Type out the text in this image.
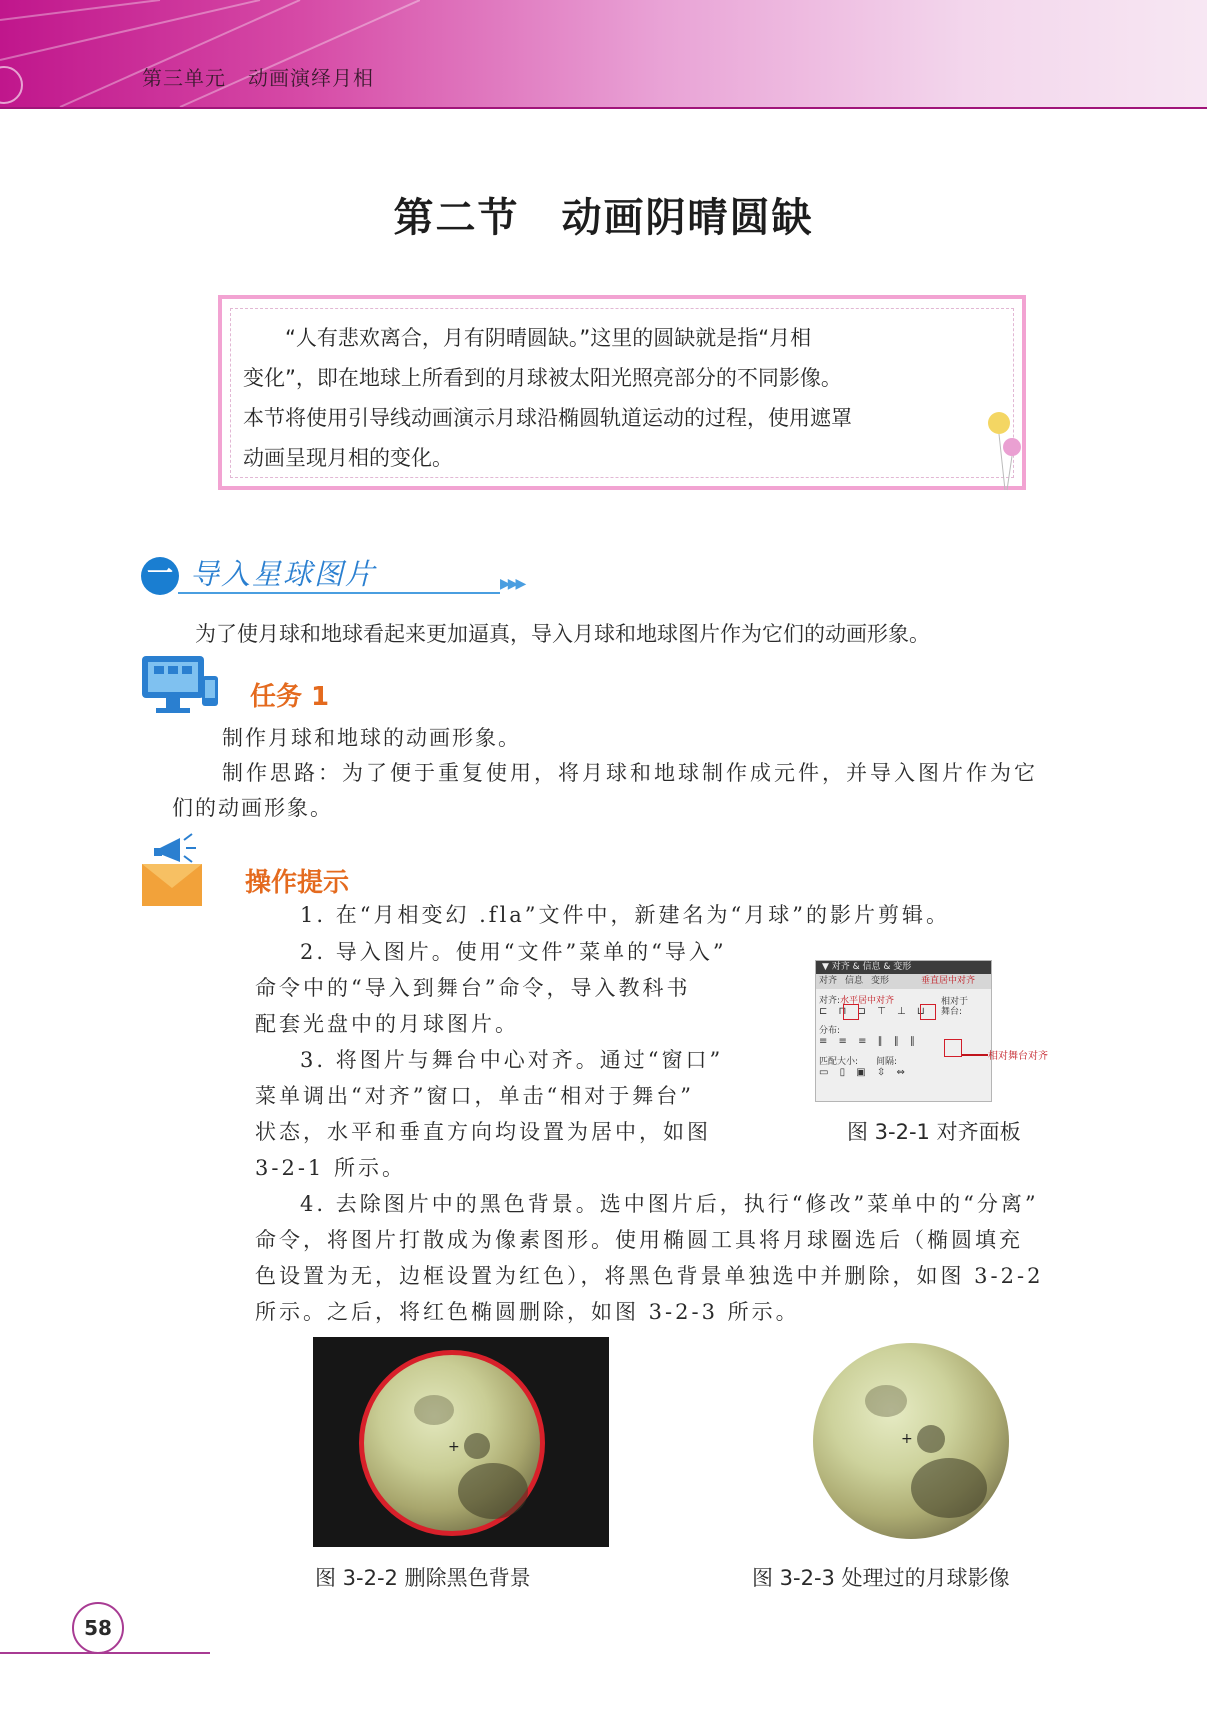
第三单元 动画演绎月相
第二节　动画阴晴圆缺
“人有悲欢离合，月有阴晴圆缺。”这里的圆缺就是指“月相
变化”，即在地球上所看到的月球被太阳光照亮部分的不同影像。
本节将使用引导线动画演示月球沿椭圆轨道运动的过程，使用遮罩
动画呈现月相的变化。
一 导入星球图片	▶▶▶
为了使月球和地球看起来更加逼真，导入月球和地球图片作为它们的动画形象。
任务 1
制作月球和地球的动画形象。
制作思路：为了便于重复使用，将月球和地球制作成元件，并导入图片作为它
们的动画形象。
操作提示
1. 在“月相变幻 .fla”文件中，新建名为“月球”的影片剪辑。
2. 导入图片。使用“文件”菜单的“导入”
命令中的“导入到舞台”命令，导入教科书
配套光盘中的月球图片。
3. 将图片与舞台中心对齐。通过“窗口”
菜单调出“对齐”窗口，单击“相对于舞台”
状态，水平和垂直方向均设置为居中，如图
3-2-1 所示。
▼ 对齐 & 信息 & 变形
对齐 信息 变形	垂直居中对齐
对齐:水平居中对齐
⊏ ⊓ ⊐ ⊤ ⊥ ⊔
分布:
≡ ≡ ≡ ∥ ∥ ∥
匹配大小: 间隔:
▭ ▯ ▣ ⇳ ⇔
相对于
舞台:
相对舞台对齐
图 3-2-1 对齐面板
4. 去除图片中的黑色背景。选中图片后，执行“修改”菜单中的“分离”
命令，将图片打散成为像素图形。使用椭圆工具将月球圈选后（椭圆填充
色设置为无，边框设置为红色），将黑色背景单独选中并删除，如图 3-2-2
所示。之后，将红色椭圆删除，如图 3-2-3 所示。
+
图 3-2-2 删除黑色背景
+
图 3-2-3 处理过的月球影像
58
